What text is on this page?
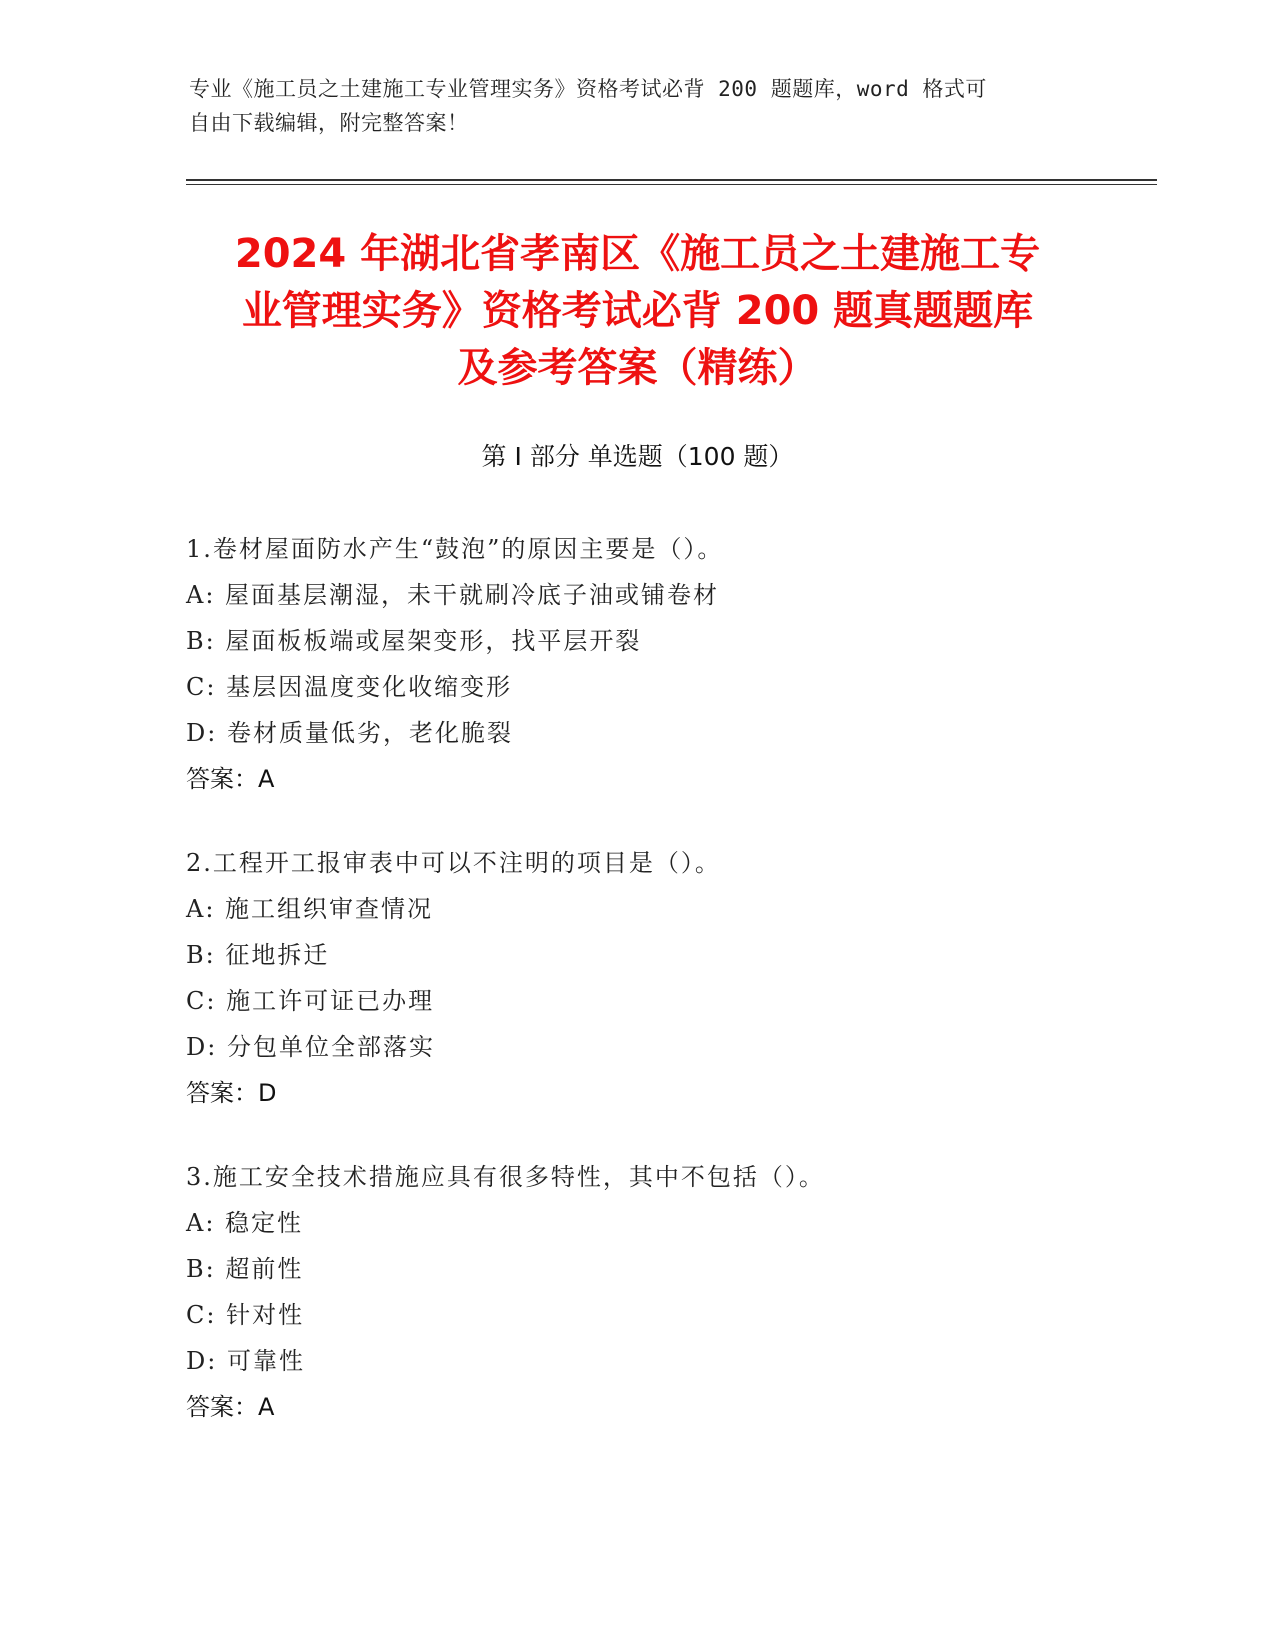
专业《施工员之土建施工专业管理实务》资格考试必背 200 题题库，word 格式可
自由下载编辑，附完整答案！
2024 年湖北省孝南区《施工员之土建施工专
业管理实务》资格考试必背 200 题真题题库
及参考答案（精练）
第 I 部分 单选题（100 题）
1.卷材屋面防水产生“鼓泡”的原因主要是（）。
A: 屋面基层潮湿，未干就刷冷底子油或铺卷材
B: 屋面板板端或屋架变形，找平层开裂
C: 基层因温度变化收缩变形
D: 卷材质量低劣，老化脆裂
答案：A
2.工程开工报审表中可以不注明的项目是（）。
A: 施工组织审查情况
B: 征地拆迁
C: 施工许可证已办理
D: 分包单位全部落实
答案：D
3.施工安全技术措施应具有很多特性，其中不包括（）。
A: 稳定性
B: 超前性
C: 针对性
D: 可靠性
答案：A
